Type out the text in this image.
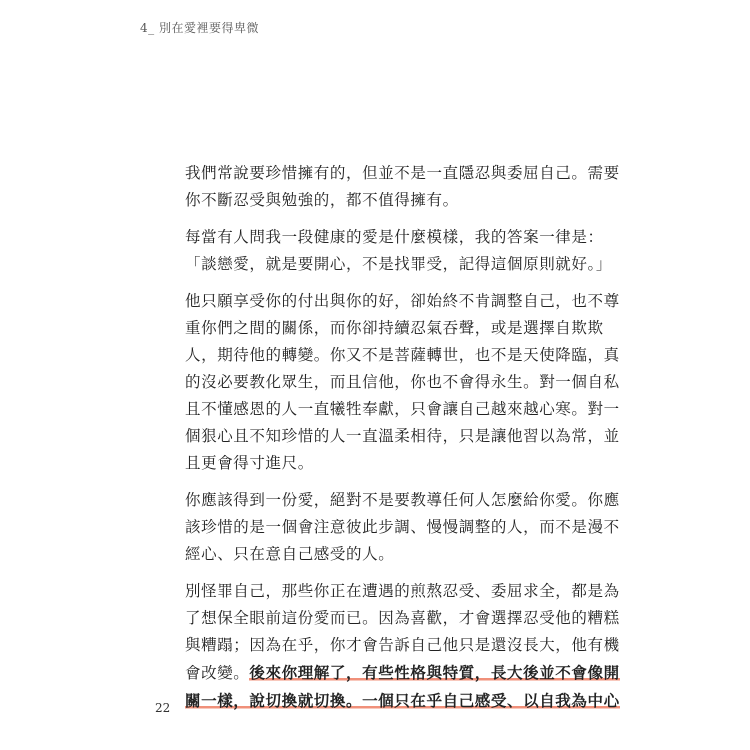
4_ 別在愛裡要得卑微

我們常說要珍惜擁有的，但並不是一直隱忍與委屈自己。需要
你不斷忍受與勉強的，都不值得擁有。

每當有人問我一段健康的愛是什麼模樣，我的答案一律是：
「談戀愛，就是要開心，不是找罪受，記得這個原則就好。」

他只願享受你的付出與你的好，卻始終不肯調整自己，也不尊
重你們之間的關係，而你卻持續忍氣吞聲，或是選擇自欺欺
人，期待他的轉變。你又不是菩薩轉世，也不是天使降臨，真
的沒必要教化眾生，而且信他，你也不會得永生。對一個自私
且不懂感恩的人一直犧牲奉獻，只會讓自己越來越心寒。對一
個狠心且不知珍惜的人一直溫柔相待，只是讓他習以為常，並
且更會得寸進尺。

你應該得到一份愛，絕對不是要教導任何人怎麼給你愛。你應
該珍惜的是一個會注意彼此步調、慢慢調整的人，而不是漫不
經心、只在意自己感受的人。

別怪罪自己，那些你正在遭遇的煎熬忍受、委屈求全，都是為
了想保全眼前這份愛而已。因為喜歡，才會選擇忍受他的糟糕
與糟蹋；因為在乎，你才會告訴自己他只是還沒長大，他有機
會改變。後來你理解了，有些性格與特質，長大後並不會像開
關一樣，說切換就切換。一個只在乎自己感受、以自我為中心

22
